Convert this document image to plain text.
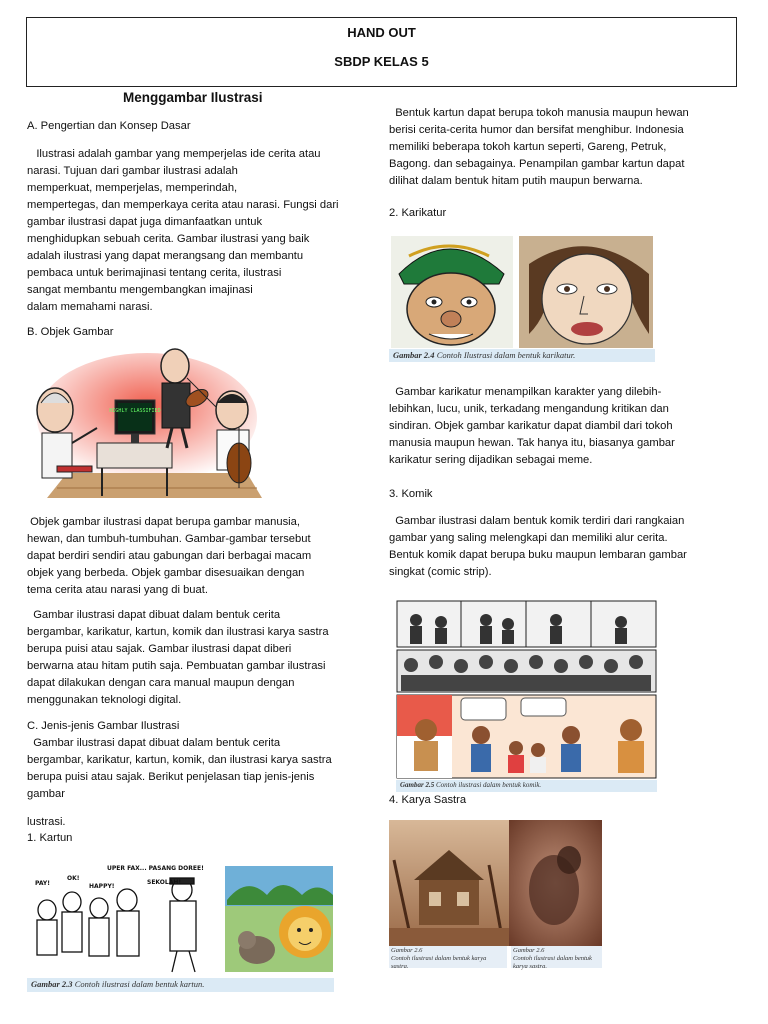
HAND OUT
SBDP KELAS 5
Menggambar Ilustrasi
A. Pengertian dan Konsep Dasar

Ilustrasi adalah gambar yang memperjelas ide cerita atau

narasi. Tujuan dari gambar ilustrasi adalah

memperkuat, memperjelas, memperindah,

mempertegas, dan memperkaya cerita atau narasi. Fungsi dari

gambar ilustrasi dapat juga dimanfaatkan untuk

menghidupkan sebuah cerita. Gambar ilustrasi yang baik

adalah ilustrasi yang dapat merangsang dan membantu

pembaca untuk berimajinasi tentang cerita, ilustrasi

sangat membantu mengembangkan imajinasi

dalam memahami narasi.

B. Objek Gambar
HIGHLY CLASSIFIED

Objek gambar ilustrasi dapat berupa gambar manusia,

hewan, dan tumbuh-tumbuhan. Gambar-gambar tersebut

dapat berdiri sendiri atau gabungan dari berbagai macam

objek yang berbeda. Objek gambar disesuaikan dengan

tema cerita atau narasi yang di buat.

Gambar ilustrasi dapat dibuat dalam bentuk cerita

bergambar, karikatur, kartun, komik dan ilustrasi karya sastra

berupa puisi atau sajak. Gambar ilustrasi dapat diberi

berwarna atau hitam putih saja. Pembuatan gambar ilustrasi

dapat dilakukan dengan cara manual maupun dengan

menggunakan teknologi digital.

C. Jenis-jenis Gambar Ilustrasi

Gambar ilustrasi dapat dibuat dalam bentuk cerita

bergambar, karikatur, kartun, komik, dan ilustrasi karya sastra

berupa puisi atau sajak. Berikut penjelasan tiap jenis-jenis

gambar

lustrasi.
1. Kartun
UPER FAX... PASANG DOREE!
PAY!
OK!
HAPPY!
SEKOLAH!
Gambar 2.3 Contoh ilustrasi dalam bentuk kartun.

Bentuk kartun dapat berupa tokoh manusia maupun hewan

berisi cerita-cerita humor dan bersifat menghibur. Indonesia

memiliki beberapa tokoh kartun seperti, Gareng, Petruk,

Bagong. dan sebagainya. Penampilan gambar kartun dapat

dilihat dalam bentuk hitam putih maupun berwarna.

2. Karikatur
Gambar 2.4 Contoh Ilustrasi dalam bentuk karikatur.

Gambar karikatur menampilkan karakter yang dilebih-

lebihkan, lucu, unik, terkadang mengandung kritikan dan

sindiran. Objek gambar karikatur dapat diambil dari tokoh

manusia maupun hewan. Tak hanya itu, biasanya gambar

karikatur sering dijadikan sebagai meme.

3. Komik

Gambar ilustrasi dalam bentuk komik terdiri dari rangkaian

gambar yang saling melengkapi dan memiliki alur cerita.

Bentuk komik dapat berupa buku maupun lembaran gambar

singkat (comic strip).

Gambar 2.5 Contoh ilustrasi dalam bentuk komik.
4. Karya Sastra
Gambar 2.6
Contoh ilustrasi dalam bentuk karya sastra.
Gambar 2.6
Contoh ilustrasi dalam bentuk karya sastra.
